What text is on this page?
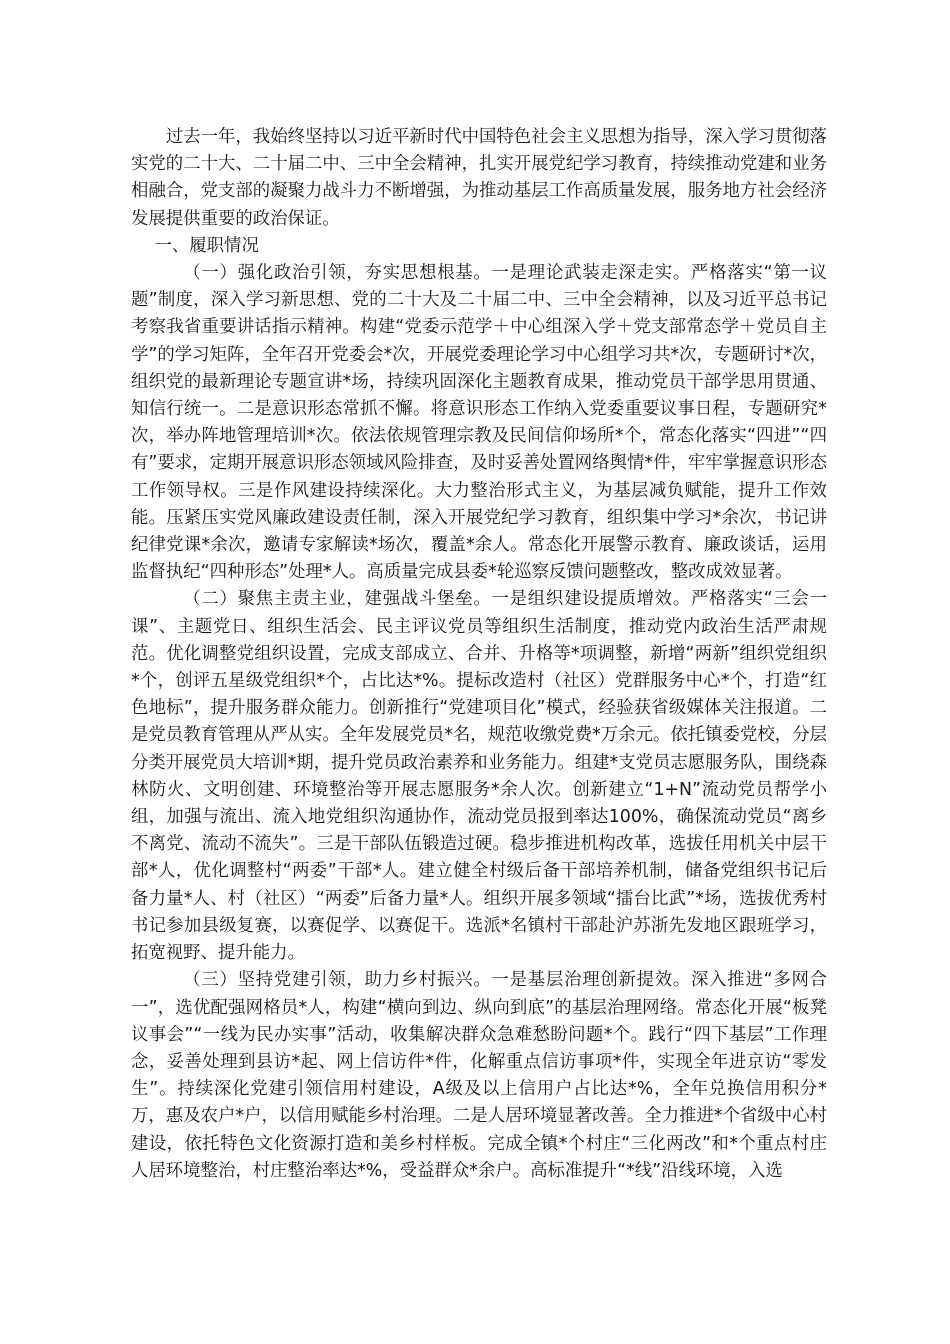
过去一年，我始终坚持以习近平新时代中国特色社会主义思想为指导，深入学习贯彻落实党的二十大、二十届二中、三中全会精神，扎实开展党纪学习教育，持续推动党建和业务相融合，党支部的凝聚力战斗力不断增强，为推动基层工作高质量发展，服务地方社会经济发展提供重要的政治保证。

一、履职情况

（一）强化政治引领，夯实思想根基。一是理论武装走深走实。严格落实“第一议题”制度，深入学习新思想、党的二十大及二十届二中、三中全会精神，以及习近平总书记考察我省重要讲话指示精神。构建“党委示范学＋中心组深入学＋党支部常态学＋党员自主学”的学习矩阵，全年召开党委会*次，开展党委理论学习中心组学习共*次，专题研讨*次，组织党的最新理论专题宣讲*场，持续巩固深化主题教育成果，推动党员干部学思用贯通、知信行统一。二是意识形态常抓不懈。将意识形态工作纳入党委重要议事日程，专题研究*次，举办阵地管理培训*次。依法依规管理宗教及民间信仰场所*个，常态化落实“四进”“四有”要求，定期开展意识形态领域风险排查，及时妥善处置网络舆情*件，牢牢掌握意识形态工作领导权。三是作风建设持续深化。大力整治形式主义，为基层减负赋能，提升工作效能。压紧压实党风廉政建设责任制，深入开展党纪学习教育，组织集中学习*余次，书记讲纪律党课*余次，邀请专家解读*场次，覆盖*余人。常态化开展警示教育、廉政谈话，运用监督执纪“四种形态”处理*人。高质量完成县委*轮巡察反馈问题整改，整改成效显著。

（二）聚焦主责主业，建强战斗堡垒。一是组织建设提质增效。严格落实“三会一课”、主题党日、组织生活会、民主评议党员等组织生活制度，推动党内政治生活严肃规范。优化调整党组织设置，完成支部成立、合并、升格等*项调整，新增“两新”组织党组织*个，创评五星级党组织*个，占比达*%。提标改造村（社区）党群服务中心*个，打造“红色地标”，提升服务群众能力。创新推行“党建项目化”模式，经验获省级媒体关注报道。二是党员教育管理从严从实。全年发展党员*名，规范收缴党费*万余元。依托镇委党校，分层分类开展党员大培训*期，提升党员政治素养和业务能力。组建*支党员志愿服务队，围绕森林防火、文明创建、环境整治等开展志愿服务*余人次。创新建立“1+N”流动党员帮学小组，加强与流出、流入地党组织沟通协作，流动党员报到率达100%，确保流动党员“离乡不离党、流动不流失”。三是干部队伍锻造过硬。稳步推进机构改革，选拔任用机关中层干部*人，优化调整村“两委”干部*人。建立健全村级后备干部培养机制，储备党组织书记后备力量*人、村（社区）“两委”后备力量*人。组织开展多领域“擂台比武”*场，选拔优秀村书记参加县级复赛，以赛促学、以赛促干。选派*名镇村干部赴沪苏浙先发地区跟班学习，拓宽视野、提升能力。

（三）坚持党建引领，助力乡村振兴。一是基层治理创新提效。深入推进“多网合一”，选优配强网格员*人，构建“横向到边、纵向到底”的基层治理网络。常态化开展“板凳议事会”“一线为民办实事”活动，收集解决群众急难愁盼问题*个。践行“四下基层”工作理念，妥善处理到县访*起、网上信访件*件，化解重点信访事项*件，实现全年进京访“零发生”。持续深化党建引领信用村建设，A级及以上信用户占比达*%，全年兑换信用积分*万，惠及农户*户，以信用赋能乡村治理。二是人居环境显著改善。全力推进*个省级中心村建设，依托特色文化资源打造和美乡村样板。完成全镇*个村庄“三化两改”和*个重点村庄人居环境整治，村庄整治率达*%，受益群众*余户。高标准提升“*线”沿线环境，入选
